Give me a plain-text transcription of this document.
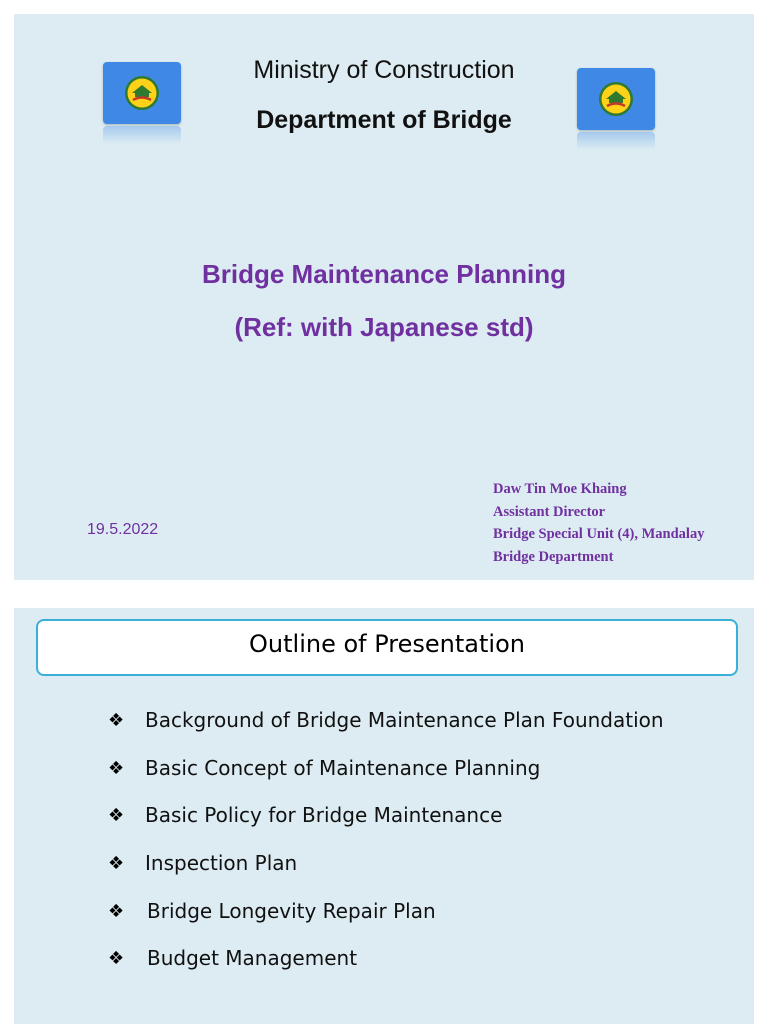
Ministry of Construction
Department of Bridge
Bridge Maintenance Planning
(Ref: with Japanese std)
19.5.2022
Daw Tin Moe Khaing
Assistant Director
Bridge Special Unit (4), Mandalay
Bridge Department
Outline of Presentation
❖ Background of Bridge Maintenance Plan Foundation
❖ Basic Concept of Maintenance Planning
❖ Basic Policy for Bridge Maintenance
❖ Inspection Plan
❖ Bridge Longevity Repair Plan
❖ Budget Management
